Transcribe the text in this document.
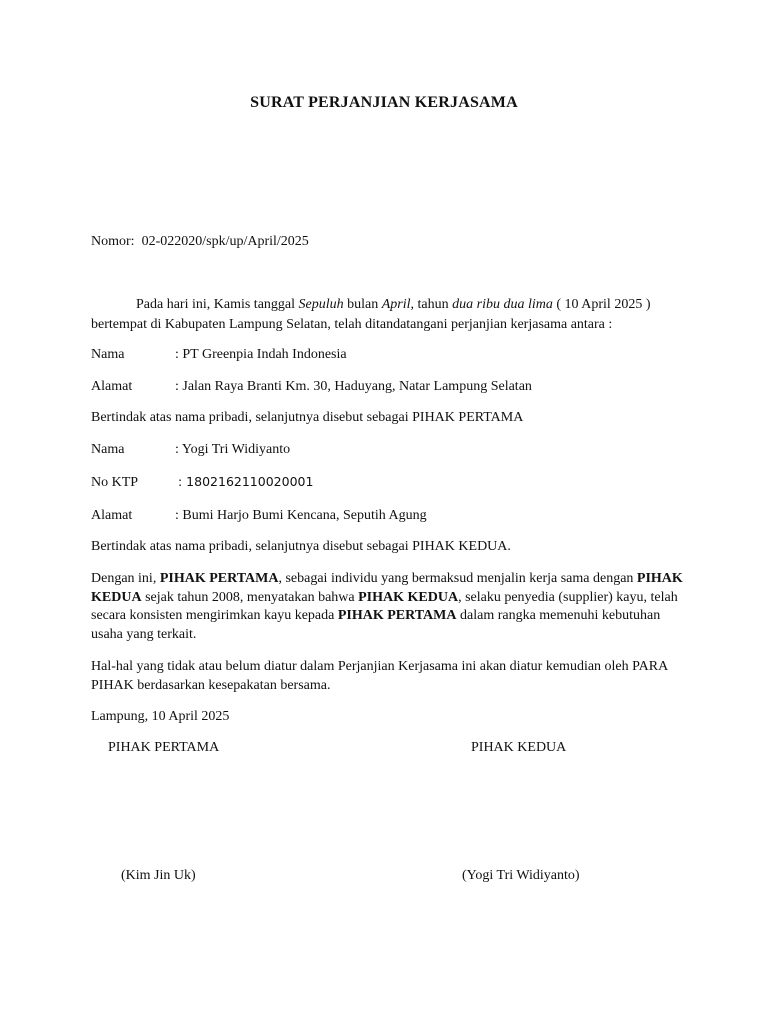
SURAT PERJANJIAN KERJASAMA
Nomor: 02-022020/spk/up/April/2025
Pada hari ini, Kamis tanggal Sepuluh bulan April, tahun dua ribu dua lima ( 10 April 2025 )
bertempat di Kabupaten Lampung Selatan, telah ditandatangani perjanjian kerjasama antara :
Nama	: PT Greenpia Indah Indonesia
Alamat	: Jalan Raya Branti Km. 30, Haduyang, Natar Lampung Selatan
Bertindak atas nama pribadi, selanjutnya disebut sebagai PIHAK PERTAMA
Nama	: Yogi Tri Widiyanto
No KTP	: 1802162110020001
Alamat	: Bumi Harjo Bumi Kencana, Seputih Agung
Bertindak atas nama pribadi, selanjutnya disebut sebagai PIHAK KEDUA.
Dengan ini, PIHAK PERTAMA, sebagai individu yang bermaksud menjalin kerja sama dengan PIHAK KEDUA sejak tahun 2008, menyatakan bahwa PIHAK KEDUA, selaku penyedia (supplier) kayu, telah secara konsisten mengirimkan kayu kepada PIHAK PERTAMA dalam rangka memenuhi kebutuhan usaha yang terkait.
Hal-hal yang tidak atau belum diatur dalam Perjanjian Kerjasama ini akan diatur kemudian oleh PARA PIHAK berdasarkan kesepakatan bersama.
Lampung, 10 April 2025
PIHAK PERTAMA	PIHAK KEDUA
(Kim Jin Uk)	(Yogi Tri Widiyanto)
